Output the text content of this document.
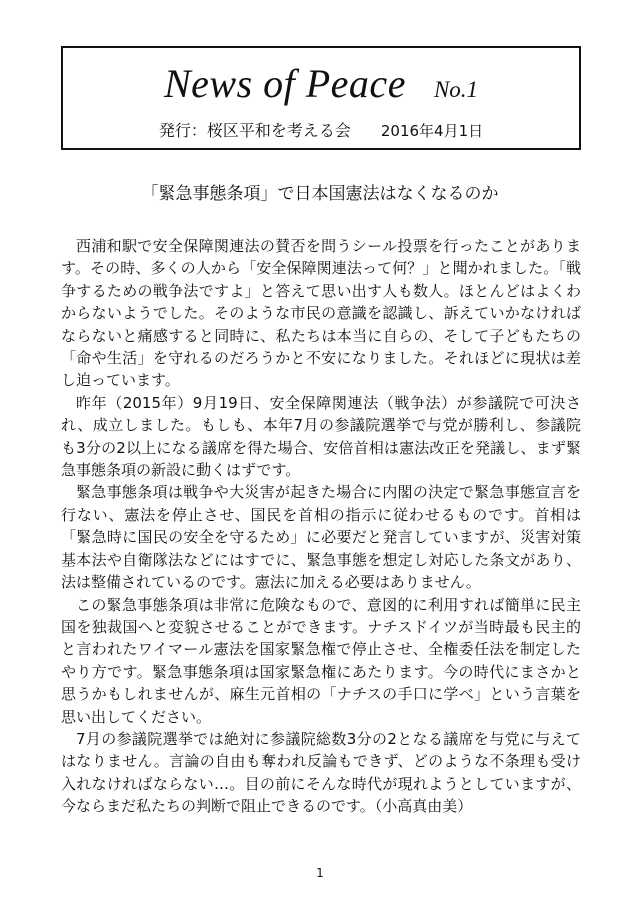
News of Peace No.1
発行：桜区平和を考える会 2016年4月1日
「緊急事態条項」で日本国憲法はなくなるのか

西浦和駅で安全保障関連法の賛否を問うシール投票を行ったことがあります。その時、多くの人から「安全保障関連法って何？」と聞かれました。「戦争するための戦争法ですよ」と答えて思い出す人も数人。ほとんどはよくわからないようでした。そのような市民の意識を認識し、訴えていかなければならないと痛感すると同時に、私たちは本当に自らの、そして子どもたちの「命や生活」を守れるのだろうかと不安になりました。それほどに現状は差し迫っています。

昨年（2015年）9月19日、安全保障関連法（戦争法）が参議院で可決され、成立しました。もしも、本年7月の参議院選挙で与党が勝利し、参議院も3分の2以上になる議席を得た場合、安倍首相は憲法改正を発議し、まず緊急事態条項の新設に動くはずです。

緊急事態条項は戦争や大災害が起きた場合に内閣の決定で緊急事態宣言を行ない、憲法を停止させ、国民を首相の指示に従わせるものです。首相は「緊急時に国民の安全を守るため」に必要だと発言していますが、災害対策基本法や自衛隊法などにはすでに、緊急事態を想定し対応した条文があり、法は整備されているのです。憲法に加える必要はありません。

この緊急事態条項は非常に危険なもので、意図的に利用すれば簡単に民主国を独裁国へと変貌させることができます。ナチスドイツが当時最も民主的と言われたワイマール憲法を国家緊急権で停止させ、全権委任法を制定したやり方です。緊急事態条項は国家緊急権にあたります。今の時代にまさかと思うかもしれませんが、麻生元首相の「ナチスの手口に学べ」という言葉を思い出してください。

7月の参議院選挙では絶対に参議院総数3分の2となる議席を与党に与えてはなりません。言論の自由も奪われ反論もできず、どのような不条理も受け入れなければならない…。目の前にそんな時代が現れようとしていますが、今ならまだ私たちの判断で阻止できるのです。（小高真由美）

1
